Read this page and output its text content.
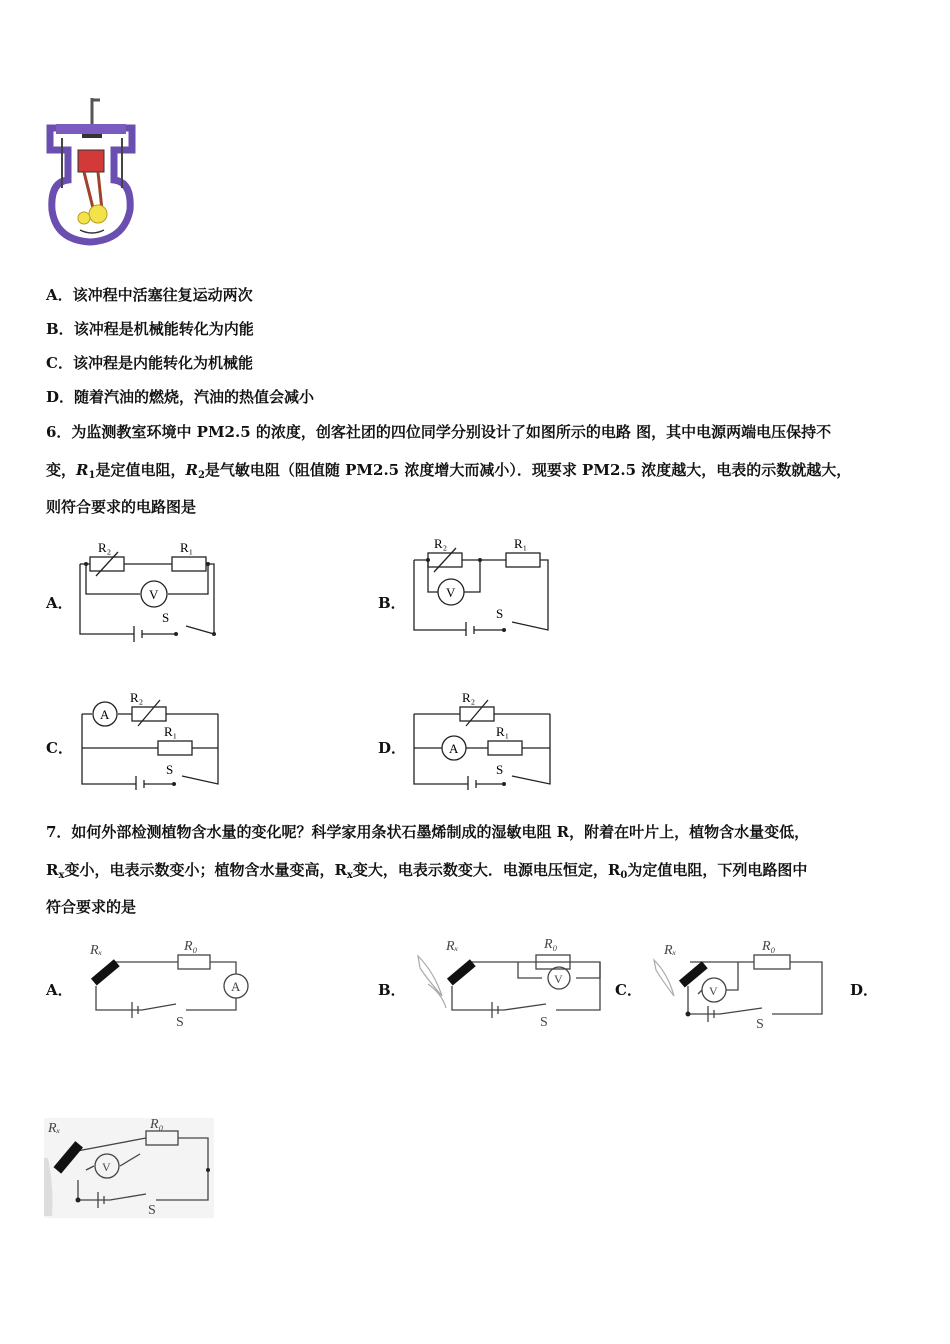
A．该冲程中活塞往复运动两次
B．该冲程是机械能转化为内能
C．该冲程是内能转化为机械能
D．随着汽油的燃烧，汽油的热值会减小
6．为监测教室环境中 PM2.5 的浓度，创客社团的四位同学分别设计了如图所示的电路 图，其中电源两端电压保持不
变，$R_1$是定值电阻，$R_2$是气敏电阻（阻值随 PM2.5 浓度增大而减小）．现要求 PM2.5 浓度越大，电表的示数就越大，
则符合要求的电路图是
A．	B．
C．	D．
R₂	R₁
V
S
R₂	R₁
V
S
A
R₂
R₁
S
R₂
A
R₁
S
7．如何外部检测植物含水量的变化呢？科学家用条状石墨烯制成的湿敏电阻 R，附着在叶片上，植物含水量变低，
$R_x$变小，电表示数变小；植物含水量变高，$R_x$变大，电表示数变大．电源电压恒定，$R_0$为定值电阻，下列电路图中
符合要求的是
A．	B．	C．	D．
Rₓ	R₀
A
S
Rₓ	R₀
V
S
Rₓ	R₀
V
S
Rₓ	R₀
V
S
